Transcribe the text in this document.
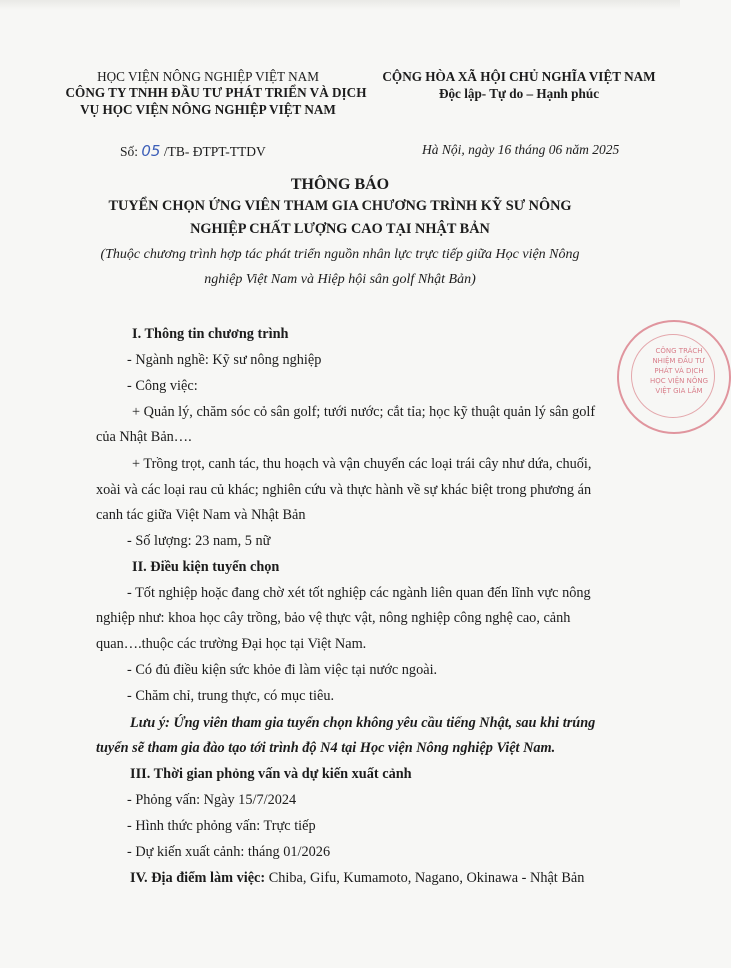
HỌC VIỆN NÔNG NGHIỆP VIỆT NAM
CÔNG TY TNHH ĐẦU TƯ PHÁT TRIỂN VÀ DỊCH
VỤ HỌC VIỆN NÔNG NGHIỆP VIỆT NAM
Số: 05 /TB- ĐTPT-TTDV
CỘNG HÒA XÃ HỘI CHỦ NGHĨA VIỆT NAM
Độc lập- Tự do – Hạnh phúc
Hà Nội, ngày 16 tháng 06 năm 2025
THÔNG BÁO
TUYỂN CHỌN ỨNG VIÊN THAM GIA CHƯƠNG TRÌNH KỸ SƯ NÔNG
NGHIỆP CHẤT LƯỢNG CAO TẠI NHẬT BẢN
(Thuộc chương trình hợp tác phát triển nguồn nhân lực trực tiếp giữa Học viện Nông
nghiệp Việt Nam và Hiệp hội sân golf Nhật Bản)
I. Thông tin chương trình
- Ngành nghề: Kỹ sư nông nghiệp
- Công việc:
+ Quản lý, chăm sóc cỏ sân golf; tưới nước; cắt tỉa; học kỹ thuật quản lý sân golf
của Nhật Bản….
+ Trồng trọt, canh tác, thu hoạch và vận chuyển các loại trái cây như dứa, chuối,
xoài và các loại rau củ khác; nghiên cứu và thực hành về sự khác biệt trong phương án
canh tác giữa Việt Nam và Nhật Bản
- Số lượng: 23 nam, 5 nữ
II. Điều kiện tuyển chọn
- Tốt nghiệp hoặc đang chờ xét tốt nghiệp các ngành liên quan đến lĩnh vực nông
nghiệp như: khoa học cây trồng, bảo vệ thực vật, nông nghiệp công nghệ cao, cảnh
quan….thuộc các trường Đại học tại Việt Nam.
- Có đủ điều kiện sức khỏe đi làm việc tại nước ngoài.
- Chăm chỉ, trung thực, có mục tiêu.
Lưu ý: Ứng viên tham gia tuyển chọn không yêu cầu tiếng Nhật, sau khi trúng
tuyển sẽ tham gia đào tạo tới trình độ N4 tại Học viện Nông nghiệp Việt Nam.
III. Thời gian phỏng vấn và dự kiến xuất cảnh
- Phỏng vấn: Ngày 15/7/2024
- Hình thức phỏng vấn: Trực tiếp
- Dự kiến xuất cảnh: tháng 01/2026
IV. Địa điểm làm việc: Chiba, Gifu, Kumamoto, Nagano, Okinawa - Nhật Bản
CÔNG TRÁCH NHIỆM ĐẦU TƯ PHÁT VÀ DỊCH HỌC VIỆN NÔNG VIỆT GIA LÂM
